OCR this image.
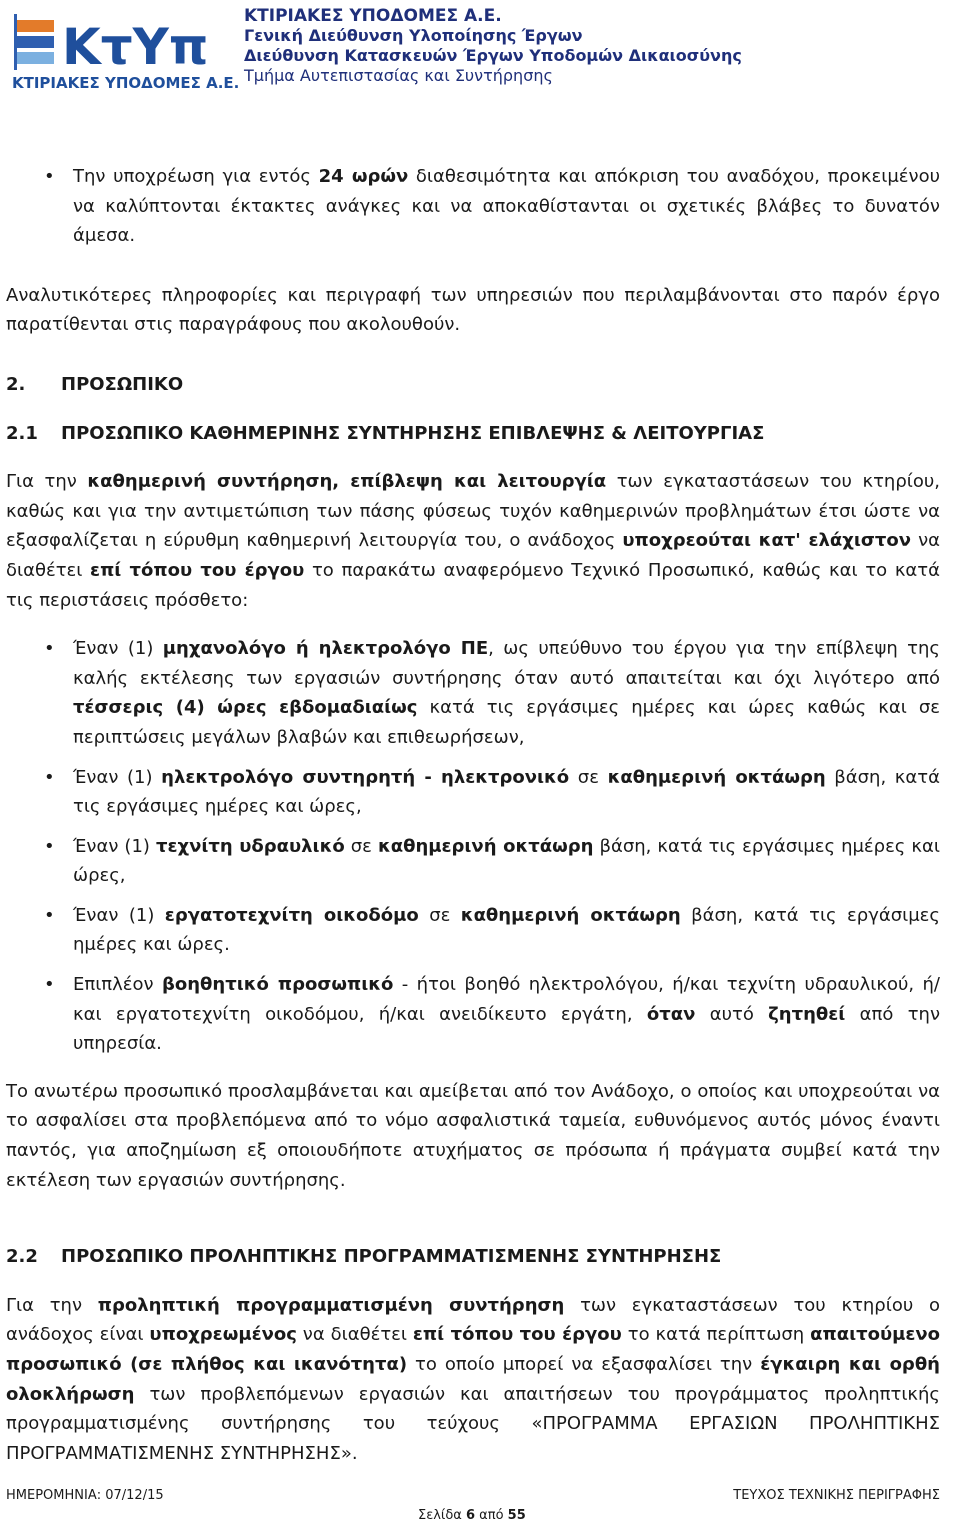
ΚτΥπ
ΚΤΙΡΙΑΚΕΣ ΥΠΟΔΟΜΕΣ Α.Ε.
ΚΤΙΡΙΑΚΕΣ ΥΠΟΔΟΜΕΣ Α.Ε.
Γενική Διεύθυνση Υλοποίησης Έργων
Διεύθυνση Κατασκευών Έργων Υποδομών Δικαιοσύνης
Τμήμα Αυτεπιστασίας και Συντήρησης
• Την υποχρέωση για εντός 24 ωρών διαθεσιμότητα και απόκριση του αναδόχου, προκειμένου να καλύπτονται έκτακτες ανάγκες και να αποκαθίστανται οι σχετικές βλάβες το δυνατόν άμεσα.

Αναλυτικότερες πληροφορίες και περιγραφή των υπηρεσιών που περιλαμβάνονται στο παρόν έργο παρατίθενται στις παραγράφους που ακολουθούν.

2.	ΠΡΟΣΩΠΙΚΟ
2.1	ΠΡΟΣΩΠΙΚΟ ΚΑΘΗΜΕΡΙΝΗΣ ΣΥΝΤΗΡΗΣΗΣ ΕΠΙΒΛΕΨΗΣ & ΛΕΙΤΟΥΡΓΙΑΣ

Για την καθημερινή συντήρηση, επίβλεψη και λειτουργία των εγκαταστάσεων του κτηρίου, καθώς και για την αντιμετώπιση των πάσης φύσεως τυχόν καθημερινών προβλημάτων έτσι ώστε να εξασφαλίζεται η εύρυθμη καθημερινή λειτουργία του, ο ανάδοχος υποχρεούται κατ' ελάχιστον να διαθέτει επί τόπου του έργου το παρακάτω αναφερόμενο Τεχνικό Προσωπικό, καθώς και το κατά τις περιστάσεις πρόσθετο:

• Έναν (1) μηχανολόγο ή ηλεκτρολόγο ΠΕ, ως υπεύθυνο του έργου για την επίβλεψη της καλής εκτέλεσης των εργασιών συντήρησης όταν αυτό απαιτείται και όχι λιγότερο από τέσσερις (4) ώρες εβδομαδιαίως κατά τις εργάσιμες ημέρες και ώρες καθώς και σε περιπτώσεις μεγάλων βλαβών και επιθεωρήσεων,
• Έναν (1) ηλεκτρολόγο συντηρητή - ηλεκτρονικό σε καθημερινή οκτάωρη βάση, κατά τις εργάσιμες ημέρες και ώρες,
• Έναν (1) τεχνίτη υδραυλικό σε καθημερινή οκτάωρη βάση, κατά τις εργάσιμες ημέρες και ώρες,
• Έναν (1) εργατοτεχνίτη οικοδόμο σε καθημερινή οκτάωρη βάση, κατά τις εργάσιμες ημέρες και ώρες.
• Επιπλέον βοηθητικό προσωπικό - ήτοι βοηθό ηλεκτρολόγου, ή/και τεχνίτη υδραυλικού, ή/και εργατοτεχνίτη οικοδόμου, ή/και ανειδίκευτο εργάτη, όταν αυτό ζητηθεί από την υπηρεσία.

Το ανωτέρω προσωπικό προσλαμβάνεται και αμείβεται από τον Ανάδοχο, ο οποίος και υποχρεούται να το ασφαλίσει στα προβλεπόμενα από το νόμο ασφαλιστικά ταμεία, ευθυνόμενος αυτός μόνος έναντι παντός, για αποζημίωση εξ οποιουδήποτε ατυχήματος σε πρόσωπα ή πράγματα συμβεί κατά την εκτέλεση των εργασιών συντήρησης.

2.2	ΠΡΟΣΩΠΙΚΟ ΠΡΟΛΗΠΤΙΚΗΣ ΠΡΟΓΡΑΜΜΑΤΙΣΜΕΝΗΣ ΣΥΝΤΗΡΗΣΗΣ

Για την προληπτική προγραμματισμένη συντήρηση των εγκαταστάσεων του κτηρίου ο ανάδοχος είναι υποχρεωμένος να διαθέτει επί τόπου του έργου το κατά περίπτωση απαιτούμενο προσωπικό (σε πλήθος και ικανότητα) το οποίο μπορεί να εξασφαλίσει την έγκαιρη και ορθή ολοκλήρωση των προβλεπόμενων εργασιών και απαιτήσεων του προγράμματος προληπτικής προγραμματισμένης συντήρησης του τεύχους «ΠΡΟΓΡΑΜΜΑ ΕΡΓΑΣΙΩΝ ΠΡΟΛΗΠΤΙΚΗΣ ΠΡΟΓΡΑΜΜΑΤΙΣΜΕΝΗΣ ΣΥΝΤΗΡΗΣΗΣ».

ΗΜΕΡΟΜΗΝΙΑ: 07/12/15	ΤΕΥΧΟΣ ΤΕΧΝΙΚΗΣ ΠΕΡΙΓΡΑΦΗΣ
Σελίδα 6 από 55
